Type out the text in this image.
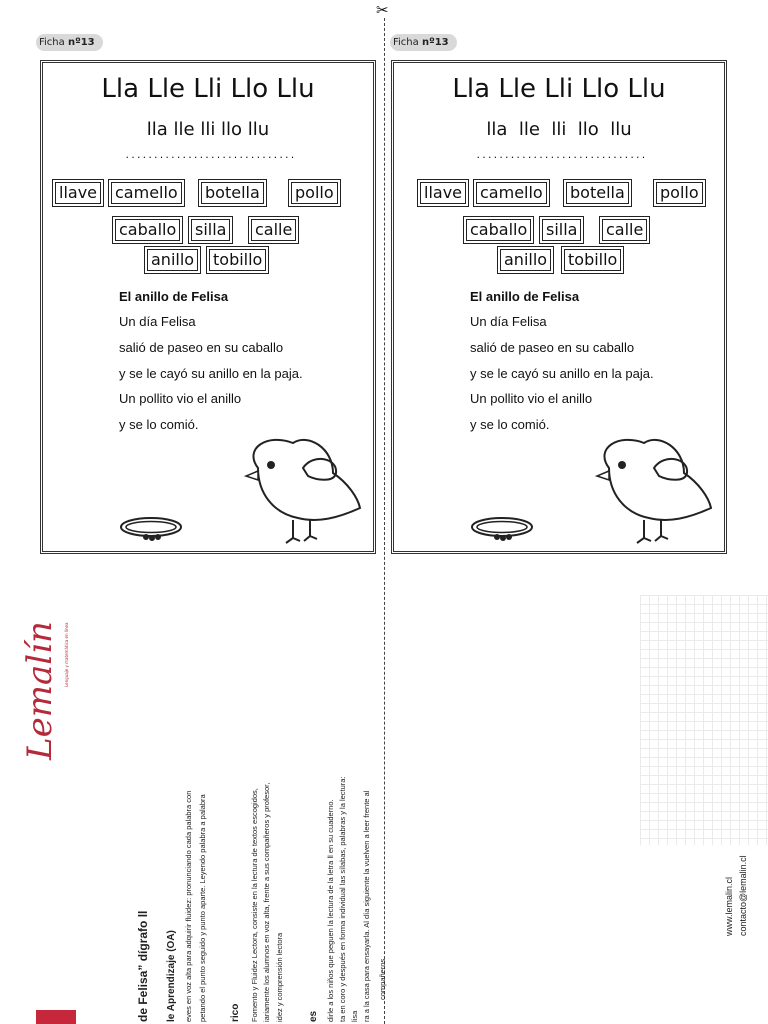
✂
Ficha nº13
Lla Lle Lli Llo Llu
lla lle lli llo llu
..............................
llave camello botella pollo
caballo silla calle
anillo tobillo
El anillo de Felisa
Un día Felisa
salió de paseo en su caballo
y se le cayó su anillo en la paja.
Un pollito vio el anillo
y se lo comió.
Ficha nº13
Lla Lle Lli Llo Llu
lla  lle  lli  llo  llu
..............................
llave camello botella pollo
caballo silla calle
anillo tobillo
El anillo de Felisa
Un día Felisa
salió de paseo en su caballo
y se le cayó su anillo en la paja.
Un pollito vio el anillo
y se lo comió.
Lemalín Lenguaje y matemática en línea
de Felisa” dígrafo ll le Aprendizaje (OA) eves en voz alta para adquirir fluidez: pronunciando cada palabra con petando el punto seguido y punto aparte. Leyendo palabra a palabra rico Fomento y Fluidez Lectora, consiste en la lectura de textos escogidos, iariamente los alumnos en voz alta, frente a sus compañeros y profesor, idez y comprensión lectora es dirle a los niños que peguen la lectura de la letra ll en su cuaderno. ta en coro y después en forma individual las sílabas, palabras y la lectura: lisa ra a la casa para ensayarla. Al día siguiente la vuelven a leer frente al compañeros
www.lemalin.cl contacto@lemalin.cl
